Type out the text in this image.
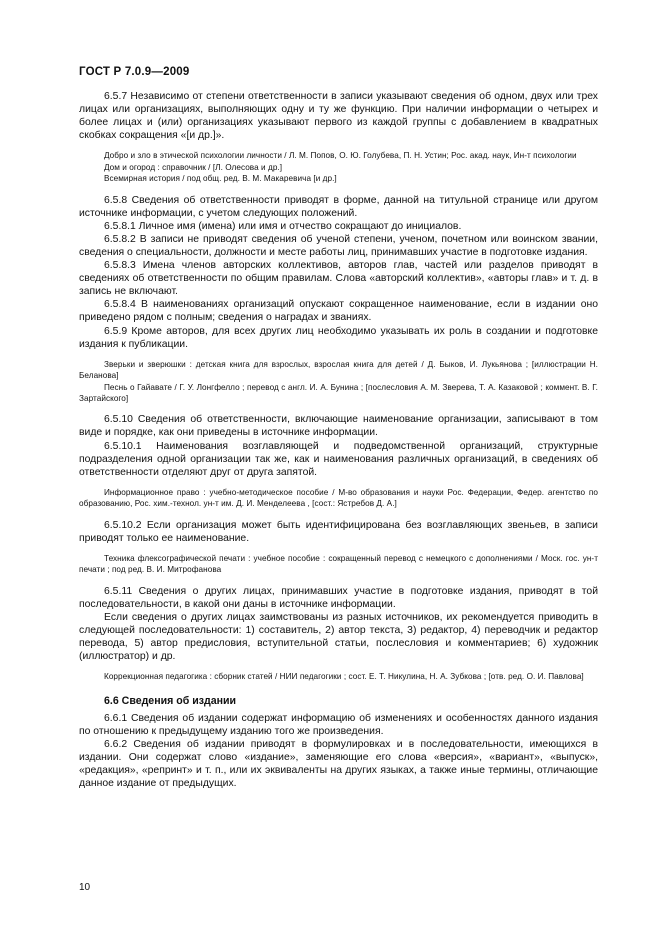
ГОСТ Р 7.0.9—2009

6.5.7 Независимо от степени ответственности в записи указывают сведения об одном, двух или трех лицах или организациях, выполняющих одну и ту же функцию. При наличии информации о четырех и более лицах и (или) организациях указывают первого из каждой группы с добавлением в квадратных скобках сокращения «[и др.]».

Добро и зло в этической психологии личности / Л. М. Попов, О. Ю. Голубева, П. Н. Устин; Рос. акад. наук, Ин-т психологии

Дом и огород : справочник / [Л. Олесова и др.]

Всемирная история / под общ. ред. В. М. Макаревича [и др.]

6.5.8 Сведения об ответственности приводят в форме, данной на титульной странице или другом источнике информации, с учетом следующих положений.

6.5.8.1 Личное имя (имена) или имя и отчество сокращают до инициалов.

6.5.8.2 В записи не приводят сведения об ученой степени, ученом, почетном или воинском звании, сведения о специальности, должности и месте работы лиц, принимавших участие в подготовке издания.

6.5.8.3 Имена членов авторских коллективов, авторов глав, частей или разделов приводят в сведениях об ответственности по общим правилам. Слова «авторский коллектив», «авторы глав» и т. д. в запись не включают.

6.5.8.4 В наименованиях организаций опускают сокращенное наименование, если в издании оно приведено рядом с полным; сведения о наградах и званиях.

6.5.9 Кроме авторов, для всех других лиц необходимо указывать их роль в создании и подготовке издания к публикации.

Зверьки и зверюшки : детская книга для взрослых, взрослая книга для детей / Д. Быков, И. Лукьянова ; [иллюстрации Н. Беланова]

Песнь о Гайавате / Г. У. Лонгфелло ; перевод с англ. И. А. Бунина ; [послесловия А. М. Зверева, Т. А. Казаковой ; коммент. В. Г. Зартайского]

6.5.10 Сведения об ответственности, включающие наименование организации, записывают в том виде и порядке, как они приведены в источнике информации.

6.5.10.1 Наименования возглавляющей и подведомственной организаций, структурные подразделения одной организации так же, как и наименования различных организаций, в сведениях об ответственности отделяют друг от друга запятой.

Информационное право : учебно-методическое пособие / М-во образования и науки Рос. Федерации, Федер. агентство по образованию, Рос. хим.-технол. ун-т им. Д. И. Менделеева , [сост.: Ястребов Д. А.]

6.5.10.2 Если организация может быть идентифицирована без возглавляющих звеньев, в записи приводят только ее наименование.

Техника флексографической печати : учебное пособие : сокращенный перевод с немецкого с дополнениями / Моск. гос. ун-т печати ; под ред. В. И. Митрофанова

6.5.11 Сведения о других лицах, принимавших участие в подготовке издания, приводят в той последовательности, в какой они даны в источнике информации.

Если сведения о других лицах заимствованы из разных источников, их рекомендуется приводить в следующей последовательности: 1) составитель, 2) автор текста, 3) редактор, 4) переводчик и редактор перевода, 5) автор предисловия, вступительной статьи, послесловия и комментариев; 6) художник (иллюстратор) и др.

Коррекционная педагогика : сборник статей / НИИ педагогики ; сост. Е. Т. Никулина, Н. А. Зубкова ; [отв. ред. О. И. Павлова]

6.6 Сведения об издании

6.6.1 Сведения об издании содержат информацию об изменениях и особенностях данного издания по отношению к предыдущему изданию того же произведения.

6.6.2 Сведения об издании приводят в формулировках и в последовательности, имеющихся в издании. Они содержат слово «издание», заменяющие его слова «версия», «вариант», «выпуск», «редакция», «репринт» и т. п., или их эквиваленты на других языках, а также иные термины, отличающие данное издание от предыдущих.

10
